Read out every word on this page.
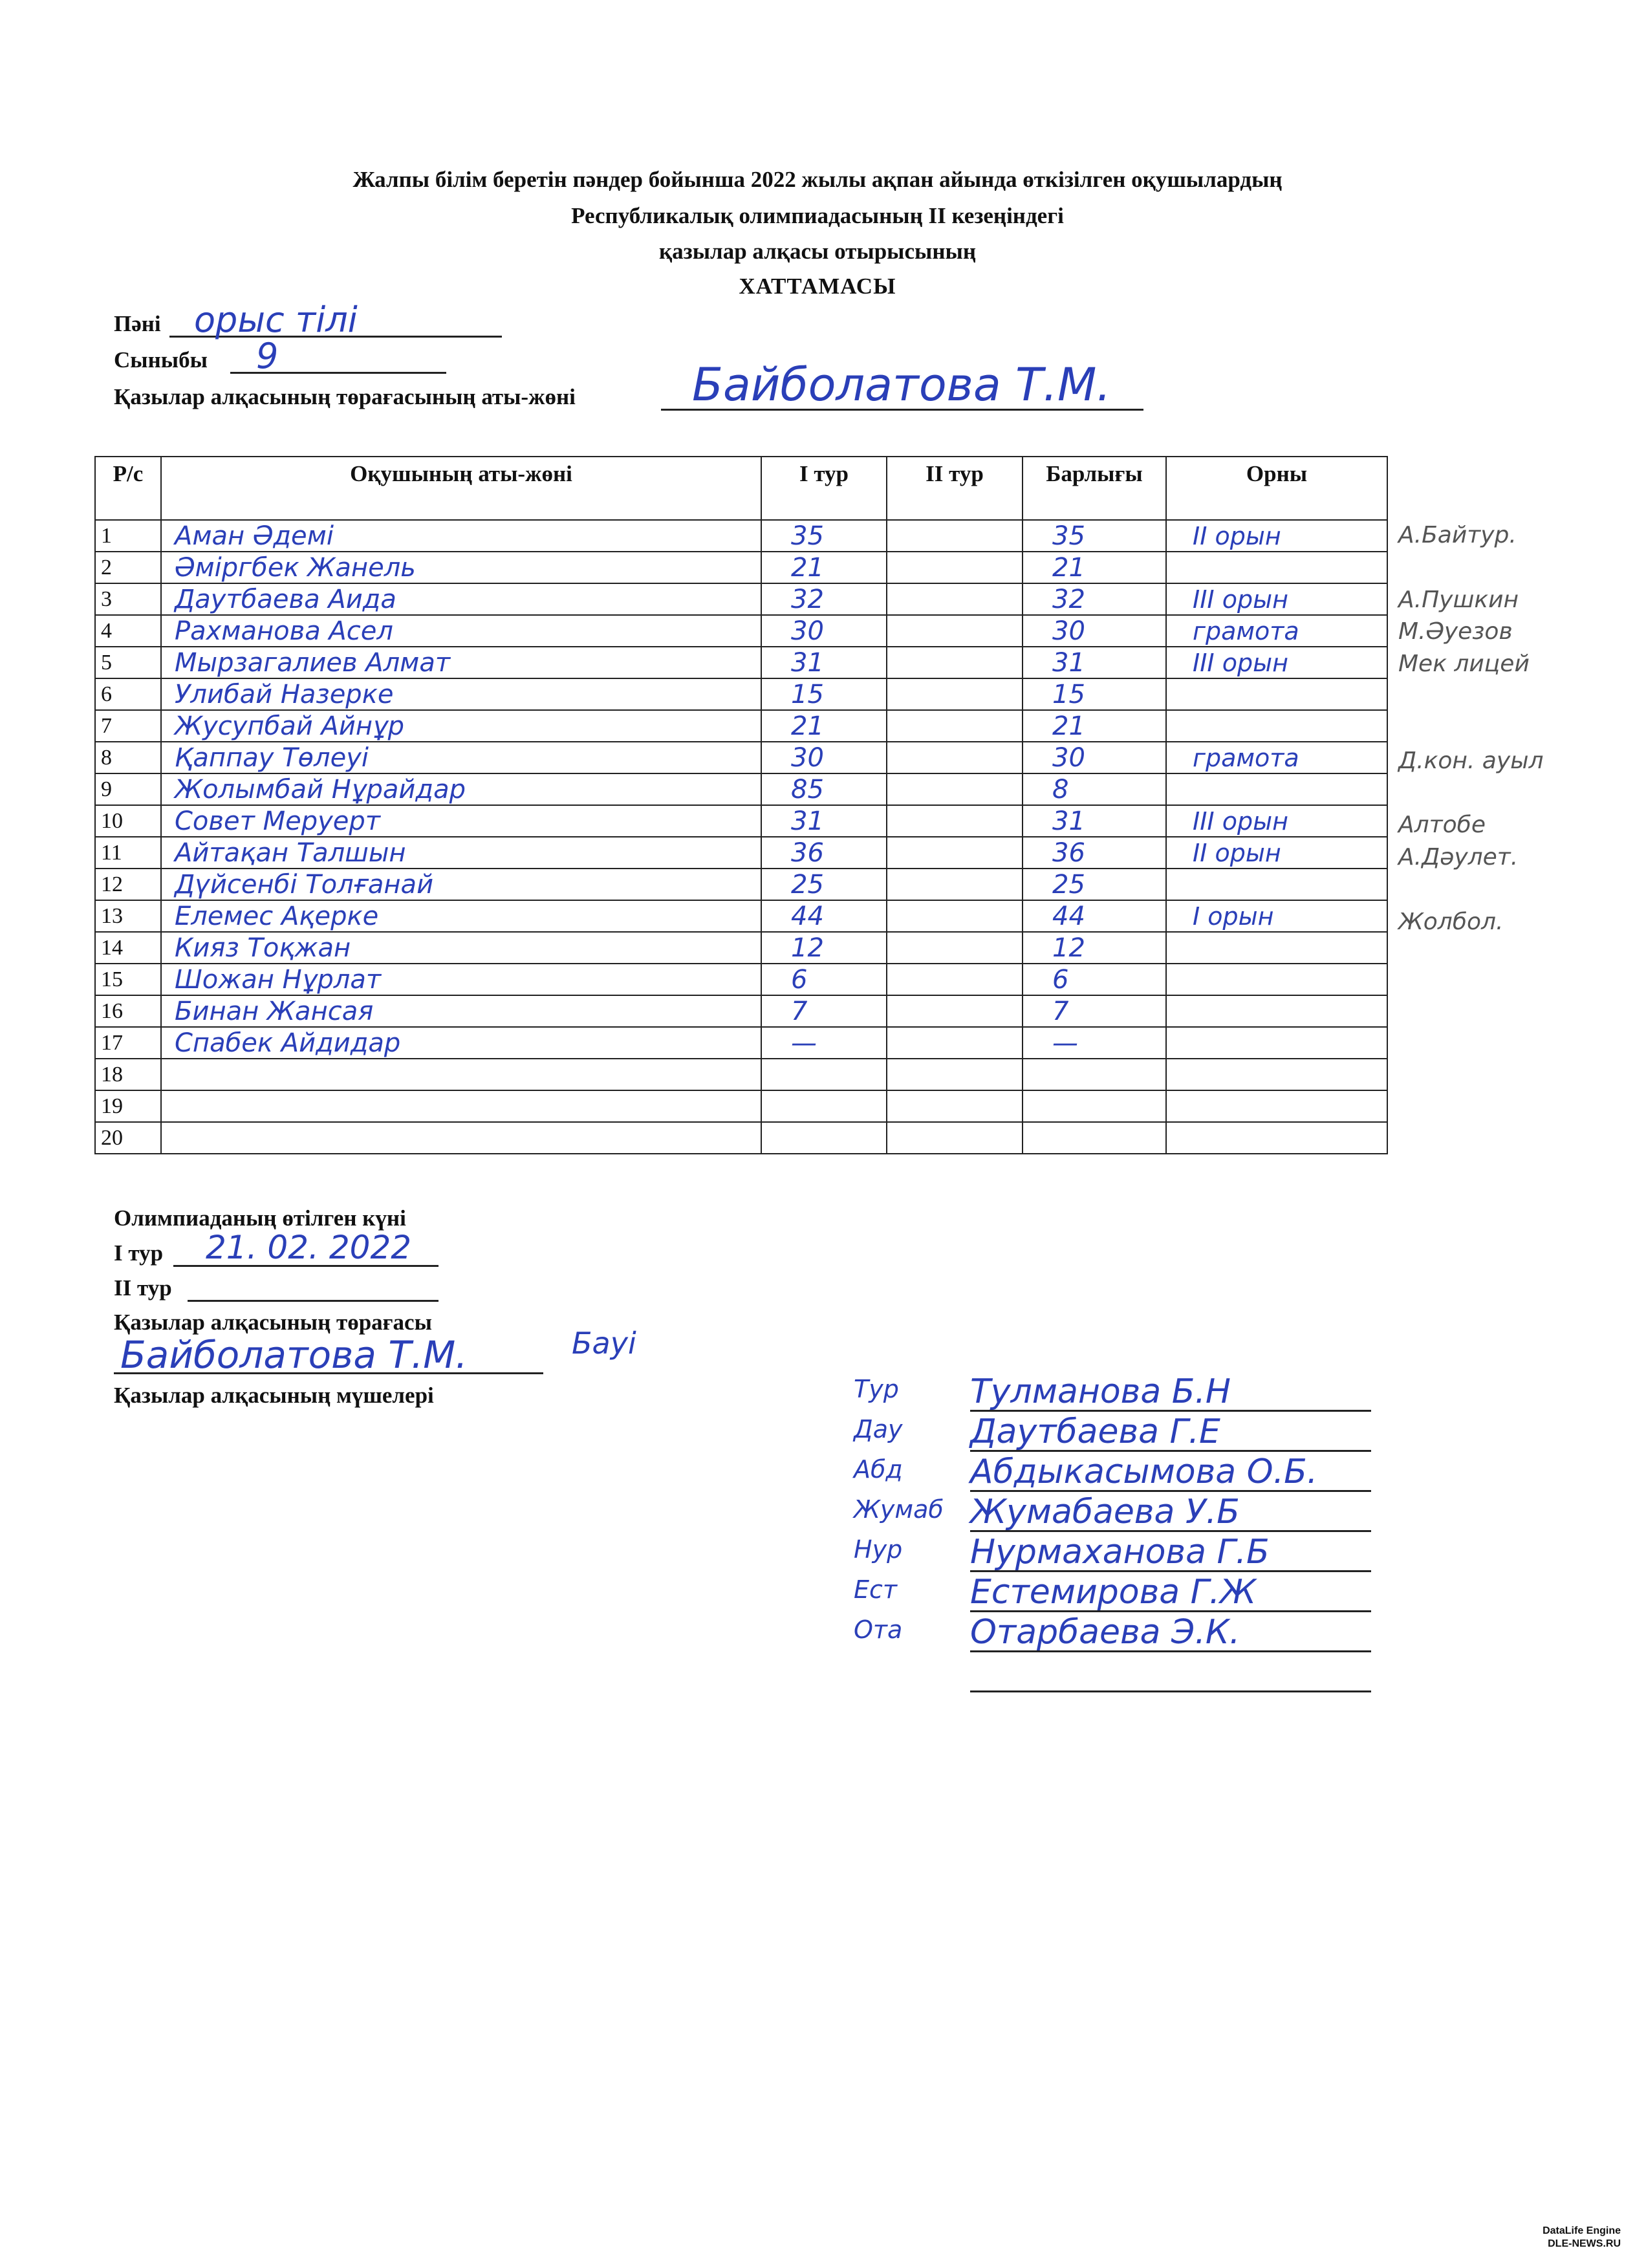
Жалпы білім беретін пәндер бойынша 2022 жылы ақпан айында өткізілген оқушылардың
Республикалық олимпиадасының ІІ кезеңіндегі
қазылар алқасы отырысының
ХАТТАМАСЫ
Пәні орыс тілі
Сыныбы 9
Қазылар алқасының төрағасының аты-жөні	Байболатова Т.М.
Р/с	Оқушының аты-жөні	I тур	II тур	Барлығы	Орны
1	Аман Әдемі	35		35	II орын
2	Әміргбек Жанель	21		21	
3	Даутбаева Аида	32		32	III орын
4	Рахманова Асел	30		30	грамота
5	Мырзагалиев Алмат	31		31	III орын
6	Улибай Назерке	15		15	
7	Жусупбай Айнұр	21		21	
8	Қаппау Төлеуі	30		30	грамота
9	Жолымбай Нұрайдар	85		8	
10	Совет Меруерт	31		31	III орын
11	Айтақан Талшын	36		36	II орын
12	Дүйсенбі Толғанай	25		25	
13	Елемес Ақерке	44		44	I орын
14	Кияз Тоқжан	12		12	
15	Шожан Нұрлат	6		6	
16	Бинан Жансая	7		7	
17	Спабек Айдидар	—		—	
18					
19					
20					
А.Байтур.
А.Пушкин
М.Әуезов
Мек лицей
Д.кон. ауыл
Алтобе
А.Дәулет.
Жолбол.
Олимпиаданың өтілген күні
І тур 21. 02. 2022
ІІ тур
Қазылар алқасының төрағасы
Байболатова Т.М.	Бауі
Қазылар алқасының мүшелері	Тур Тулманова Б.Н
Дау Даутбаева Г.Е
Абд Абдыкасымова О.Б.
Жумаб Жумабаева У.Б
Нур Нурмаханова Г.Б
Ест Естемирова Г.Ж
Ота Отарбаева Э.К.
DataLife Engine
DLE-NEWS.RU
